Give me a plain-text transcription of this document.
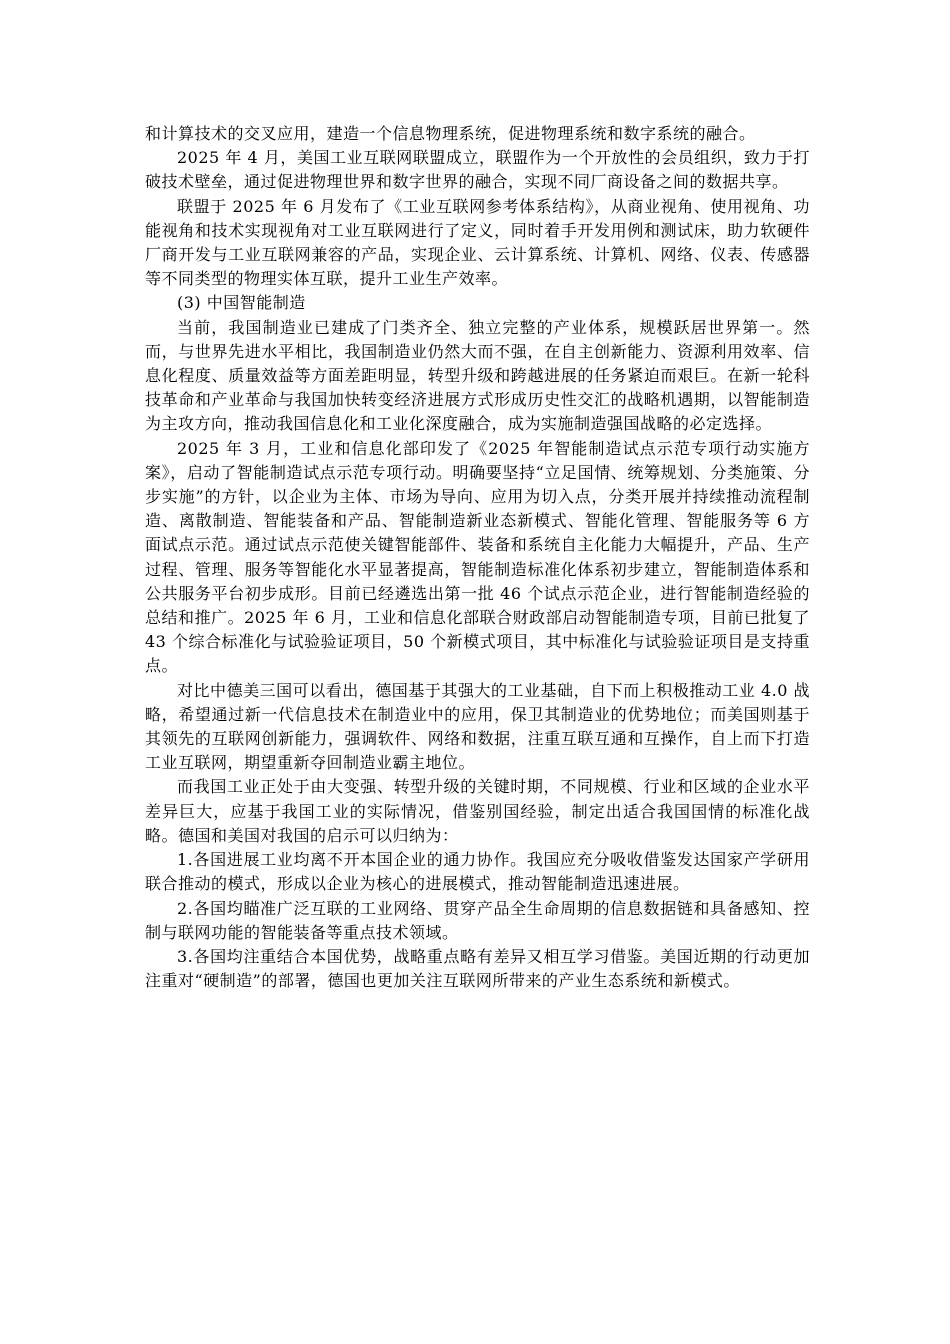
和计算技术的交叉应用，建造一个信息物理系统，促进物理系统和数字系统的融合。

2025 年 4 月，美国工业互联网联盟成立，联盟作为一个开放性的会员组织，致力于打破技术壁垒，通过促进物理世界和数字世界的融合，实现不同厂商设备之间的数据共享。

联盟于 2025 年 6 月发布了《工业互联网参考体系结构》，从商业视角、使用视角、功能视角和技术实现视角对工业互联网进行了定义，同时着手开发用例和测试床，助力软硬件厂商开发与工业互联网兼容的产品，实现企业、云计算系统、计算机、网络、仪表、传感器等不同类型的物理实体互联，提升工业生产效率。

(3) 中国智能制造

当前，我国制造业已建成了门类齐全、独立完整的产业体系，规模跃居世界第一。然而，与世界先进水平相比，我国制造业仍然大而不强，在自主创新能力、资源利用效率、信息化程度、质量效益等方面差距明显，转型升级和跨越进展的任务紧迫而艰巨。在新一轮科技革命和产业革命与我国加快转变经济进展方式形成历史性交汇的战略机遇期，以智能制造为主攻方向，推动我国信息化和工业化深度融合，成为实施制造强国战略的必定选择。

2025 年 3 月，工业和信息化部印发了《2025 年智能制造试点示范专项行动实施方案》，启动了智能制造试点示范专项行动。明确要坚持“立足国情、统筹规划、分类施策、分步实施”的方针，以企业为主体、市场为导向、应用为切入点，分类开展并持续推动流程制造、离散制造、智能装备和产品、智能制造新业态新模式、智能化管理、智能服务等 6 方面试点示范。通过试点示范使关键智能部件、装备和系统自主化能力大幅提升，产品、生产过程、管理、服务等智能化水平显著提高，智能制造标准化体系初步建立，智能制造体系和公共服务平台初步成形。目前已经遴选出第一批 46 个试点示范企业，进行智能制造经验的总结和推广。2025 年 6 月，工业和信息化部联合财政部启动智能制造专项，目前已批复了 43 个综合标准化与试验验证项目，50 个新模式项目，其中标准化与试验验证项目是支持重点。

对比中德美三国可以看出，德国基于其强大的工业基础，自下而上积极推动工业 4.0 战略，希望通过新一代信息技术在制造业中的应用，保卫其制造业的优势地位；而美国则基于其领先的互联网创新能力，强调软件、网络和数据，注重互联互通和互操作，自上而下打造工业互联网，期望重新夺回制造业霸主地位。

而我国工业正处于由大变强、转型升级的关键时期，不同规模、行业和区域的企业水平差异巨大，应基于我国工业的实际情况，借鉴别国经验，制定出适合我国国情的标准化战略。德国和美国对我国的启示可以归纳为：

1.各国进展工业均离不开本国企业的通力协作。我国应充分吸收借鉴发达国家产学研用联合推动的模式，形成以企业为核心的进展模式，推动智能制造迅速进展。

2.各国均瞄准广泛互联的工业网络、贯穿产品全生命周期的信息数据链和具备感知、控制与联网功能的智能装备等重点技术领域。

3.各国均注重结合本国优势，战略重点略有差异又相互学习借鉴。美国近期的行动更加注重对“硬制造”的部署，德国也更加关注互联网所带来的产业生态系统和新模式。
